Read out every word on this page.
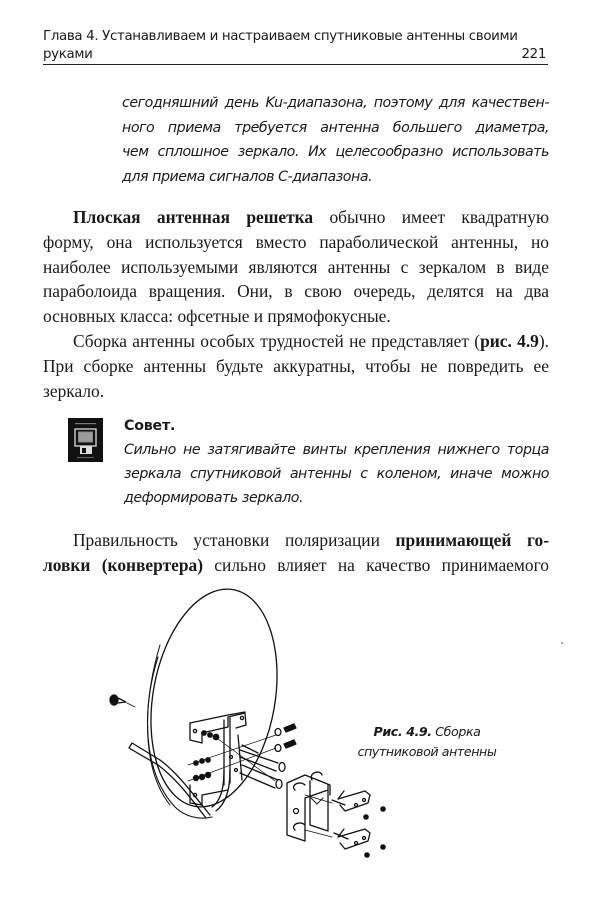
Глава 4. Устанавливаем и настраиваем спутниковые антенны своими руками	221
сегодняшний день Ku-диапазона, поэтому для качествен-
ного приема требуется антенна большего диаметра,
чем сплошное зеркало. Их целесообразно использовать
для приема сигналов С-диапазона.
Плоская антенная решетка обычно имеет квадратную
форму, она используется вместо параболической антенны, но
наиболее используемыми являются антенны с зеркалом в виде
параболоида вращения. Они, в свою очередь, делятся на два
основных класса: офсетные и прямофокусные.
Сборка антенны особых трудностей не представляет (рис. 4.9).
При сборке антенны будьте аккуратны, чтобы не повредить ее
зеркало.
Совет.
Сильно не затягивайте винты крепления нижнего торца
зеркала спутниковой антенны с коленом, иначе можно
деформировать зеркало.
Правильность установки поляризации принимающей го-
ловки (конвертера) сильно влияет на качество принимаемого
Рис. 4.9. Сборка
спутниковой антенны
